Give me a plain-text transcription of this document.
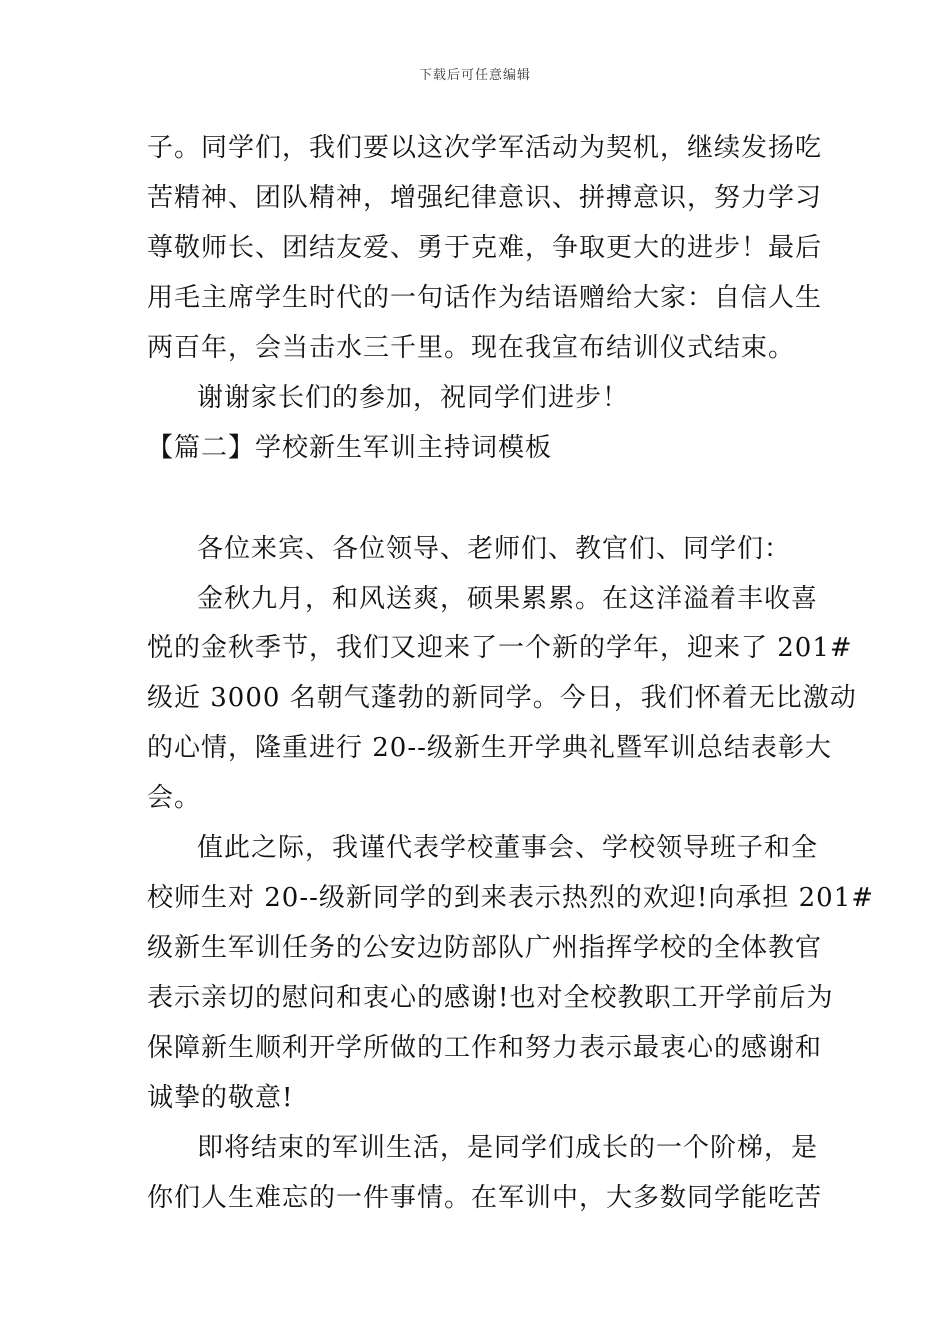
下载后可任意编辑
子。同学们，我们要以这次学军活动为契机，继续发扬吃
苦精神、团队精神，增强纪律意识、拼搏意识，努力学习
尊敬师长、团结友爱、勇于克难，争取更大的进步！最后
用毛主席学生时代的一句话作为结语赠给大家：自信人生
两百年，会当击水三千里。现在我宣布结训仪式结束。
谢谢家长们的参加，祝同学们进步！
【篇二】学校新生军训主持词模板
各位来宾、各位领导、老师们、教官们、同学们：
金秋九月，和风送爽，硕果累累。在这洋溢着丰收喜
悦的金秋季节，我们又迎来了一个新的学年，迎来了 201#
级近 3000 名朝气蓬勃的新同学。今日，我们怀着无比激动
的心情，隆重进行 20--级新生开学典礼暨军训总结表彰大
会。
值此之际，我谨代表学校董事会、学校领导班子和全
校师生对 20--级新同学的到来表示热烈的欢迎!向承担 201#
级新生军训任务的公安边防部队广州指挥学校的全体教官
表示亲切的慰问和衷心的感谢!也对全校教职工开学前后为
保障新生顺利开学所做的工作和努力表示最衷心的感谢和
诚挚的敬意!
即将结束的军训生活，是同学们成长的一个阶梯，是
你们人生难忘的一件事情。在军训中，大多数同学能吃苦
